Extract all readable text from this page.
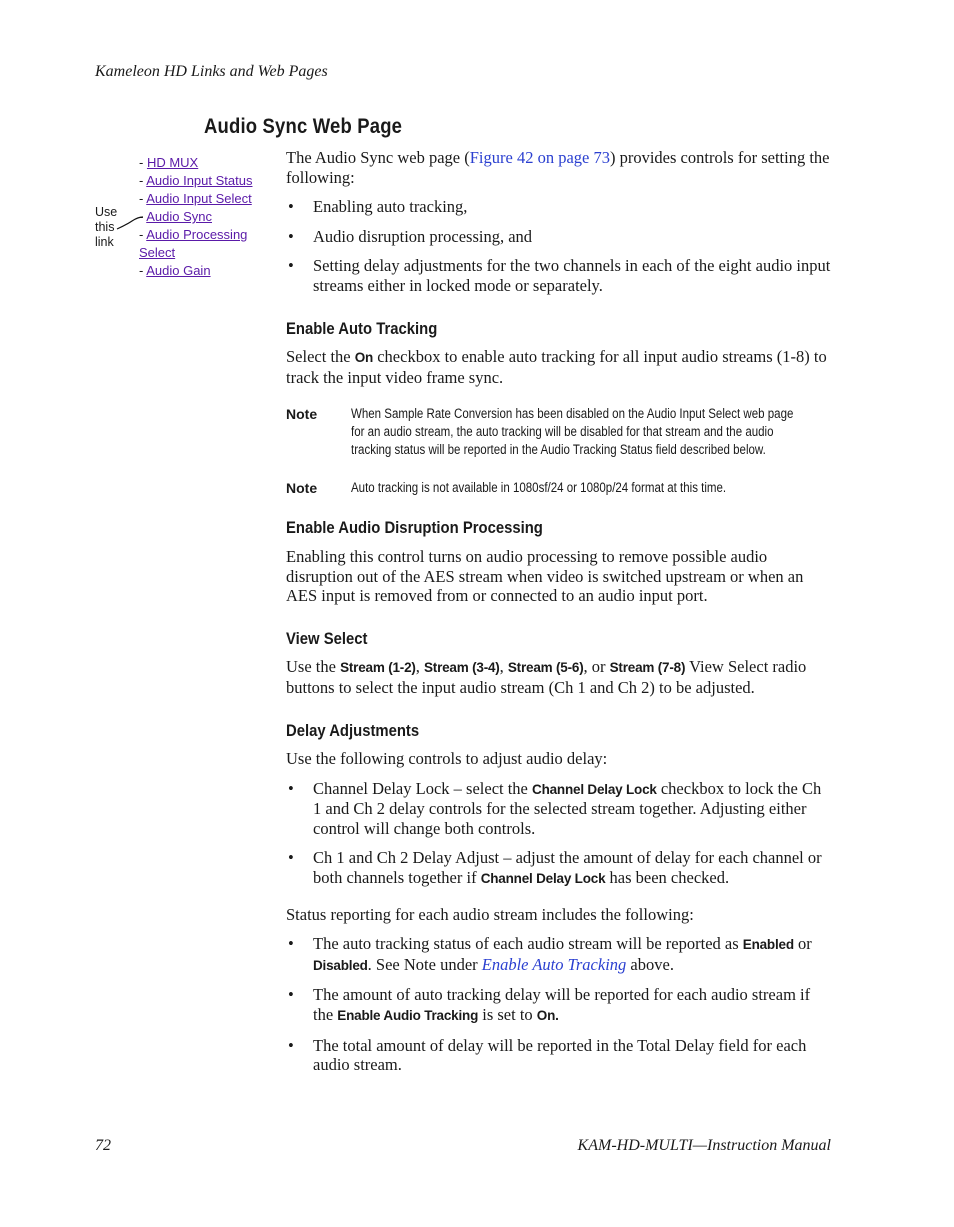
Kameleon HD Links and Web Pages
Audio Sync Web Page
- HD MUX
- Audio Input Status
- Audio Input Select
- Audio Sync
- Audio Processing
Select
- Audio Gain
Use
this
link

The Audio Sync web page (Figure 42 on page 73) provides controls for setting the following:

• Enabling auto tracking,
• Audio disruption processing, and
• Setting delay adjustments for the two channels in each of the eight audio input streams either in locked mode or separately.
Enable Auto Tracking

Select the On checkbox to enable auto tracking for all input audio streams (1-8) to track the input video frame sync.

Note	When Sample Rate Conversion has been disabled on the Audio Input Select web page for an audio stream, the auto tracking will be disabled for that stream and the audio tracking status will be reported in the Audio Tracking Status field described below.
Note	Auto tracking is not available in 1080sf/24 or 1080p/24 format at this time.
Enable Audio Disruption Processing

Enabling this control turns on audio processing to remove possible audio disruption out of the AES stream when video is switched upstream or when an AES input is removed from or connected to an audio input port.

View Select

Use the Stream (1-2), Stream (3-4), Stream (5-6), or Stream (7-8) View Select radio buttons to select the input audio stream (Ch 1 and Ch 2) to be adjusted.

Delay Adjustments

Use the following controls to adjust audio delay:

• Channel Delay Lock – select the Channel Delay Lock checkbox to lock the Ch 1 and Ch 2 delay controls for the selected stream together. Adjusting either control will change both controls.
• Ch 1 and Ch 2 Delay Adjust – adjust the amount of delay for each channel or both channels together if Channel Delay Lock has been checked.

Status reporting for each audio stream includes the following:

• The auto tracking status of each audio stream will be reported as Enabled or Disabled. See Note under Enable Auto Tracking above.
• The amount of auto tracking delay will be reported for each audio stream if the Enable Audio Tracking is set to On.
• The total amount of delay will be reported in the Total Delay field for each audio stream.
72	KAM-HD-MULTI—Instruction Manual
